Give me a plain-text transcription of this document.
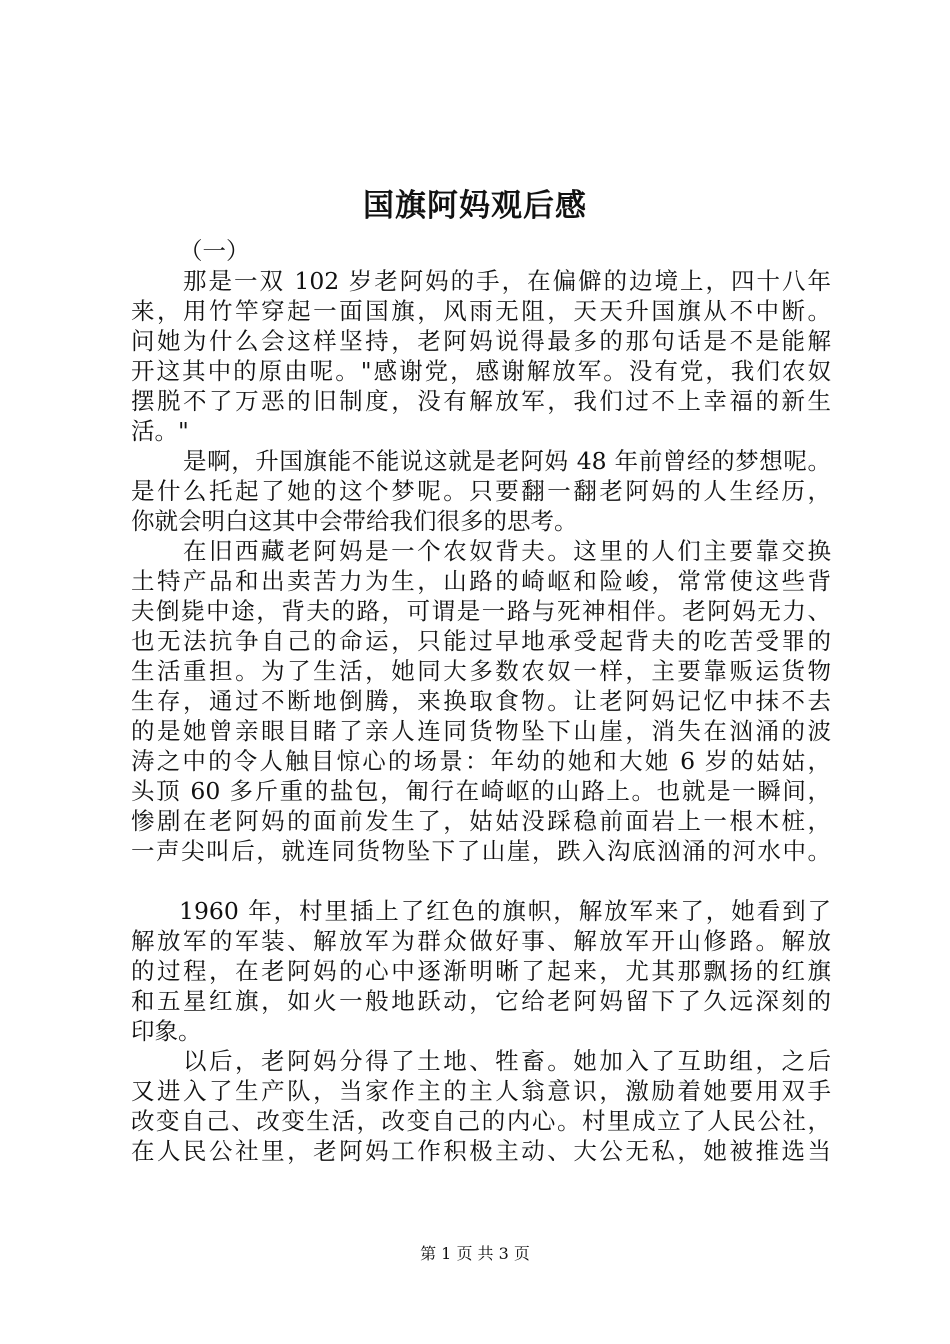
国旗阿妈观后感
（一）
那是一双 102 岁老阿妈的手，在偏僻的边境上，四十八年
来，用竹竿穿起一面国旗，风雨无阻，天天升国旗从不中断。
问她为什么会这样坚持，老阿妈说得最多的那句话是不是能解
开这其中的原由呢。"感谢党，感谢解放军。没有党，我们农奴
摆脱不了万恶的旧制度，没有解放军，我们过不上幸福的新生
活。"
是啊，升国旗能不能说这就是老阿妈 48 年前曾经的梦想呢。
是什么托起了她的这个梦呢。只要翻一翻老阿妈的人生经历，
你就会明白这其中会带给我们很多的思考。
在旧西藏老阿妈是一个农奴背夫。这里的人们主要靠交换
土特产品和出卖苦力为生，山路的崎岖和险峻，常常使这些背
夫倒毙中途，背夫的路，可谓是一路与死神相伴。老阿妈无力、
也无法抗争自己的命运，只能过早地承受起背夫的吃苦受罪的
生活重担。为了生活，她同大多数农奴一样，主要靠贩运货物
生存，通过不断地倒腾，来换取食物。让老阿妈记忆中抹不去
的是她曾亲眼目睹了亲人连同货物坠下山崖，消失在汹涌的波
涛之中的令人触目惊心的场景：年幼的她和大她 6 岁的姑姑，
头顶 60 多斤重的盐包，匍行在崎岖的山路上。也就是一瞬间，
惨剧在老阿妈的面前发生了，姑姑没踩稳前面岩上一根木桩，
一声尖叫后，就连同货物坠下了山崖，跌入沟底汹涌的河水中。
1960 年，村里插上了红色的旗帜，解放军来了，她看到了
解放军的军装、解放军为群众做好事、解放军开山修路。解放
的过程，在老阿妈的心中逐渐明晰了起来，尤其那飘扬的红旗
和五星红旗，如火一般地跃动，它给老阿妈留下了久远深刻的
印象。
以后，老阿妈分得了土地、牲畜。她加入了互助组，之后
又进入了生产队，当家作主的主人翁意识，激励着她要用双手
改变自己、改变生活，改变自己的内心。村里成立了人民公社，
在人民公社里，老阿妈工作积极主动、大公无私，她被推选当
第 1 页 共 3 页
